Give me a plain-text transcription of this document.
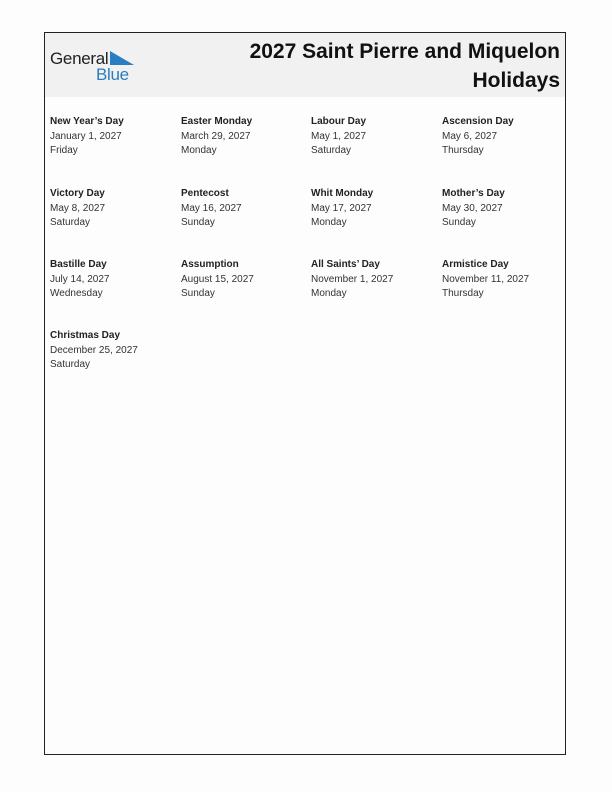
General
Blue
2027 Saint Pierre and Miquelon
Holidays
New Year’s Day
January 1, 2027
Friday
Easter Monday
March 29, 2027
Monday
Labour Day
May 1, 2027
Saturday
Ascension Day
May 6, 2027
Thursday
Victory Day
May 8, 2027
Saturday
Pentecost
May 16, 2027
Sunday
Whit Monday
May 17, 2027
Monday
Mother’s Day
May 30, 2027
Sunday
Bastille Day
July 14, 2027
Wednesday
Assumption
August 15, 2027
Sunday
All Saints’ Day
November 1, 2027
Monday
Armistice Day
November 11, 2027
Thursday
Christmas Day
December 25, 2027
Saturday
